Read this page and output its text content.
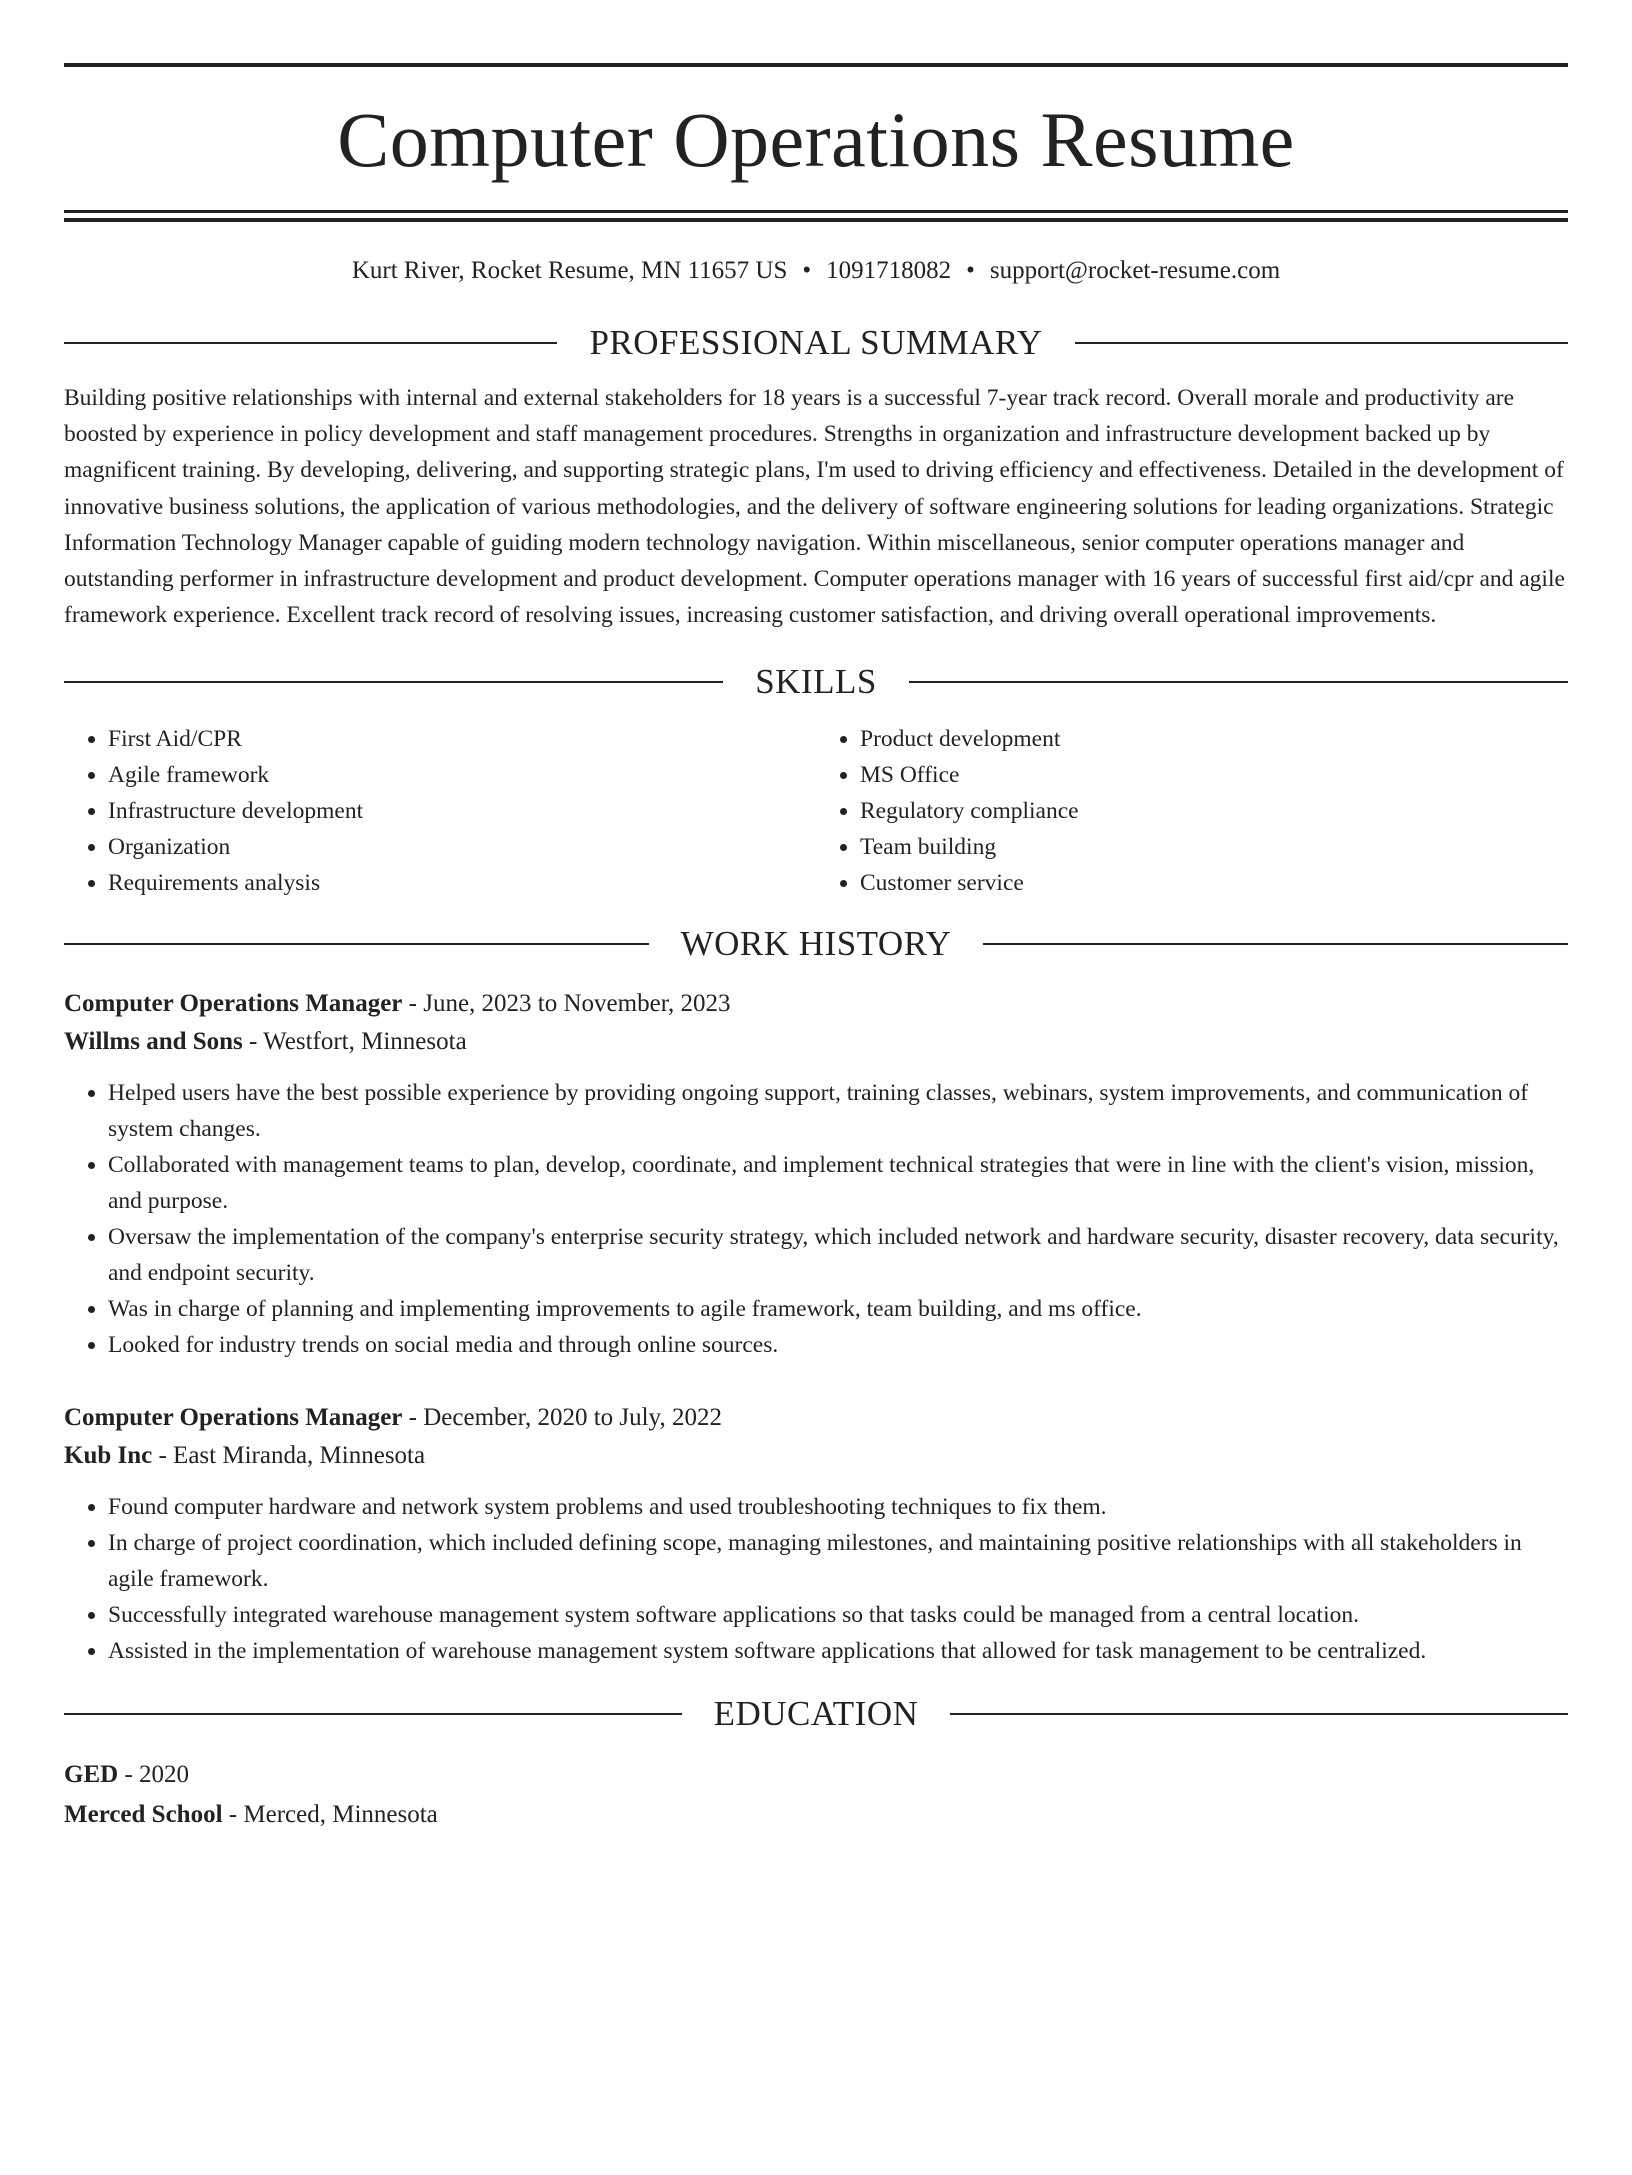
Computer Operations Resume
Kurt River, Rocket Resume, MN 11657 US • 1091718082 • support@rocket-resume.com
PROFESSIONAL SUMMARY
Building positive relationships with internal and external stakeholders for 18 years is a successful 7-year track record. Overall morale and productivity are boosted by experience in policy development and staff management procedures. Strengths in organization and infrastructure development backed up by magnificent training. By developing, delivering, and supporting strategic plans, I'm used to driving efficiency and effectiveness. Detailed in the development of innovative business solutions, the application of various methodologies, and the delivery of software engineering solutions for leading organizations. Strategic Information Technology Manager capable of guiding modern technology navigation. Within miscellaneous, senior computer operations manager and outstanding performer in infrastructure development and product development. Computer operations manager with 16 years of successful first aid/cpr and agile framework experience. Excellent track record of resolving issues, increasing customer satisfaction, and driving overall operational improvements.
SKILLS
• First Aid/CPR
• Agile framework
• Infrastructure development
• Organization
• Requirements analysis
• Product development
• MS Office
• Regulatory compliance
• Team building
• Customer service
WORK HISTORY
Computer Operations Manager - June, 2023 to November, 2023
Willms and Sons - Westfort, Minnesota
• Helped users have the best possible experience by providing ongoing support, training classes, webinars, system improvements, and communication of system changes.
• Collaborated with management teams to plan, develop, coordinate, and implement technical strategies that were in line with the client's vision, mission, and purpose.
• Oversaw the implementation of the company's enterprise security strategy, which included network and hardware security, disaster recovery, data security, and endpoint security.
• Was in charge of planning and implementing improvements to agile framework, team building, and ms office.
• Looked for industry trends on social media and through online sources.
Computer Operations Manager - December, 2020 to July, 2022
Kub Inc - East Miranda, Minnesota
• Found computer hardware and network system problems and used troubleshooting techniques to fix them.
• In charge of project coordination, which included defining scope, managing milestones, and maintaining positive relationships with all stakeholders in agile framework.
• Successfully integrated warehouse management system software applications so that tasks could be managed from a central location.
• Assisted in the implementation of warehouse management system software applications that allowed for task management to be centralized.
EDUCATION
GED - 2020
Merced School - Merced, Minnesota
